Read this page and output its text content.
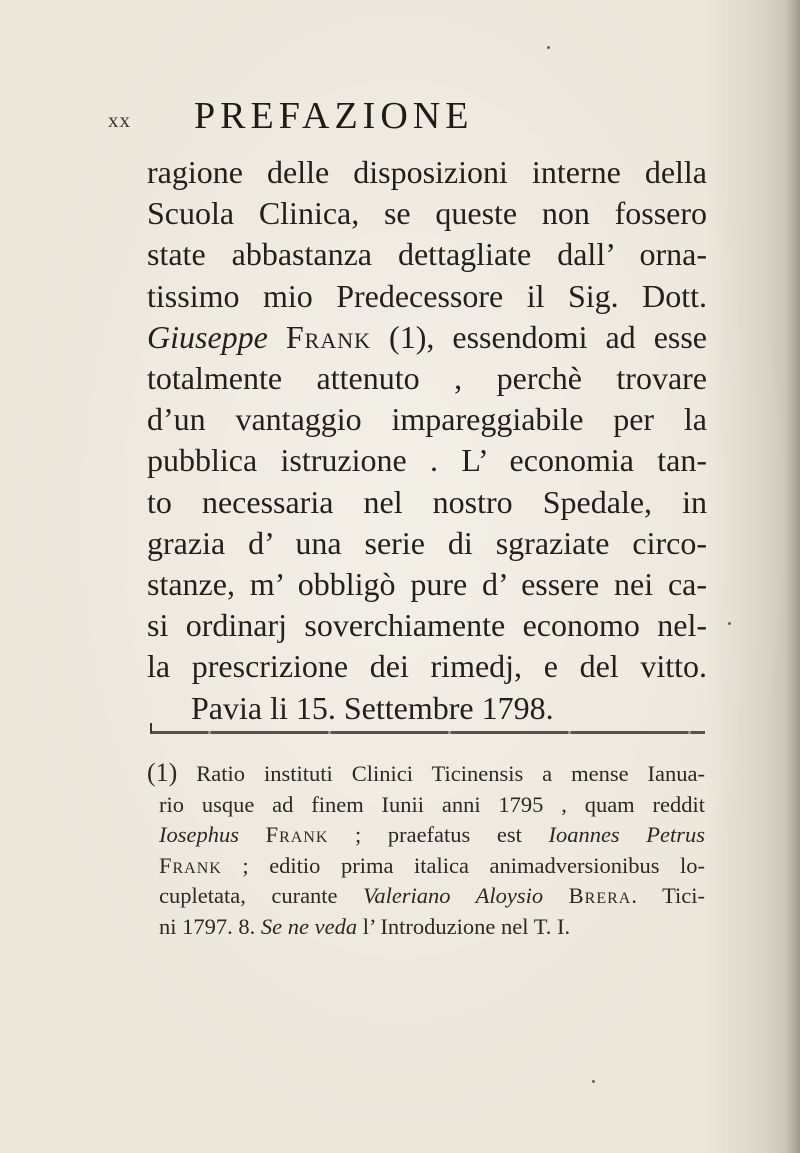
xx PREFAZIONE
ragione delle disposizioni interne della
Scuola Clinica, se queste non fossero
state abbastanza dettagliate dall’ orna-
tissimo mio Predecessore il Sig. Dott.
Giuseppe Frank (1), essendomi ad esse
totalmente attenuto , perchè trovare
d’un vantaggio impareggiabile per la
pubblica istruzione . L’ economia tan-
to necessaria nel nostro Spedale, in
grazia d’ una serie di sgraziate circo-
stanze, m’ obbligò pure d’ essere nei ca-
si ordinarj soverchiamente economo nel-
la prescrizione dei rimedj, e del vitto.
Pavia li 15. Settembre 1798.
(1) Ratio instituti Clinici Ticinensis a mense Ianua-
rio usque ad finem Iunii anni 1795 , quam reddit
Iosephus Frank ; praefatus est Ioannes Petrus
Frank ; editio prima italica animadversionibus lo-
cupletata, curante Valeriano Aloysio Brera. Tici-
ni 1797. 8. Se ne veda l’ Introduzione nel T. I.
